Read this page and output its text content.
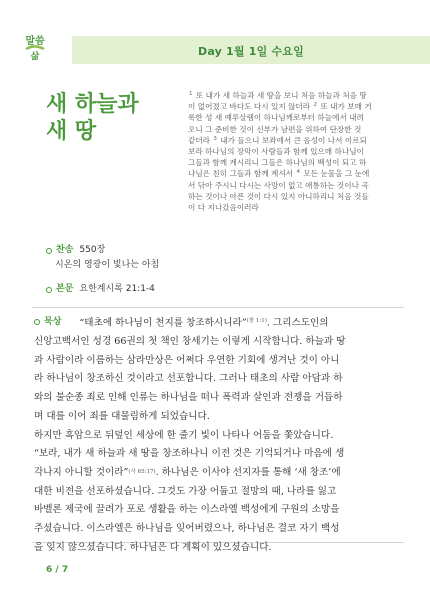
말씀
삶	Day 1월 1일 수요일
새 하늘과
새 땅
찬송 550장
시온의 영광이 빛나는 아침
본문 요한계시록 21:1-4
$^1$ 또 내가 새 하늘과 새 땅을 보니 처음 하늘과 처음 땅
이 없어졌고 바다도 다시 있지 않더라 $^2$ 또 내가 보매 거
룩한 성 새 예루살렘이 하나님께로부터 하늘에서 내려
오니 그 준비한 것이 신부가 남편을 위하여 단장한 것
같더라 $^3$ 내가 들으니 보좌에서 큰 음성이 나서 이르되
보라 하나님의 장막이 사람들과 함께 있으매 하나님이
그들과 함께 계시리니 그들은 하나님의 백성이 되고 하
나님은 친히 그들과 함께 계셔서 $^4$ 모든 눈물을 그 눈에
서 닦아 주시니 다시는 사망이 없고 애통하는 것이나 곡
하는 것이나 아픈 것이 다시 있지 아니하리니 처음 것들
이 다 지나갔음이러라
묵상 “태초에 하나님이 천지를 창조하시니라”$^{(창 1:1)}$. 그리스도인의
신앙고백서인 성경 66권의 첫 책인 창세기는 이렇게 시작합니다. 하늘과 땅
과 사람이라 이름하는 삼라만상은 어쩌다 우연한 기회에 생겨난 것이 아니
라 하나님이 창조하신 것이라고 선포합니다. 그러나 태초의 사람 아담과 하
와의 불순종 죄로 인해 인류는 하나님을 떠나 폭력과 살인과 전쟁을 거듭하
며 대를 이어 죄를 대물림하게 되었습니다.
하지만 흑암으로 뒤덮인 세상에 한 줄기 빛이 나타나 어둠을 쫓았습니다.
“보라, 내가 새 하늘과 새 땅을 창조하나니 이전 것은 기억되거나 마음에 생
각나지 아니할 것이라”$^{(사 65:17)}$. 하나님은 이사야 선지자를 통해 ‘새 창조’에
대한 비전을 선포하셨습니다. 그것도 가장 어둡고 절망의 때, 나라를 잃고
바벨론 제국에 끌려가 포로 생활을 하는 이스라엘 백성에게 구원의 소망을
주셨습니다. 이스라엘은 하나님을 잊어버렸으나, 하나님은 결코 자기 백성
을 잊지 않으셨습니다. 하나님은 다 계획이 있으셨습니다.
6 / 7
